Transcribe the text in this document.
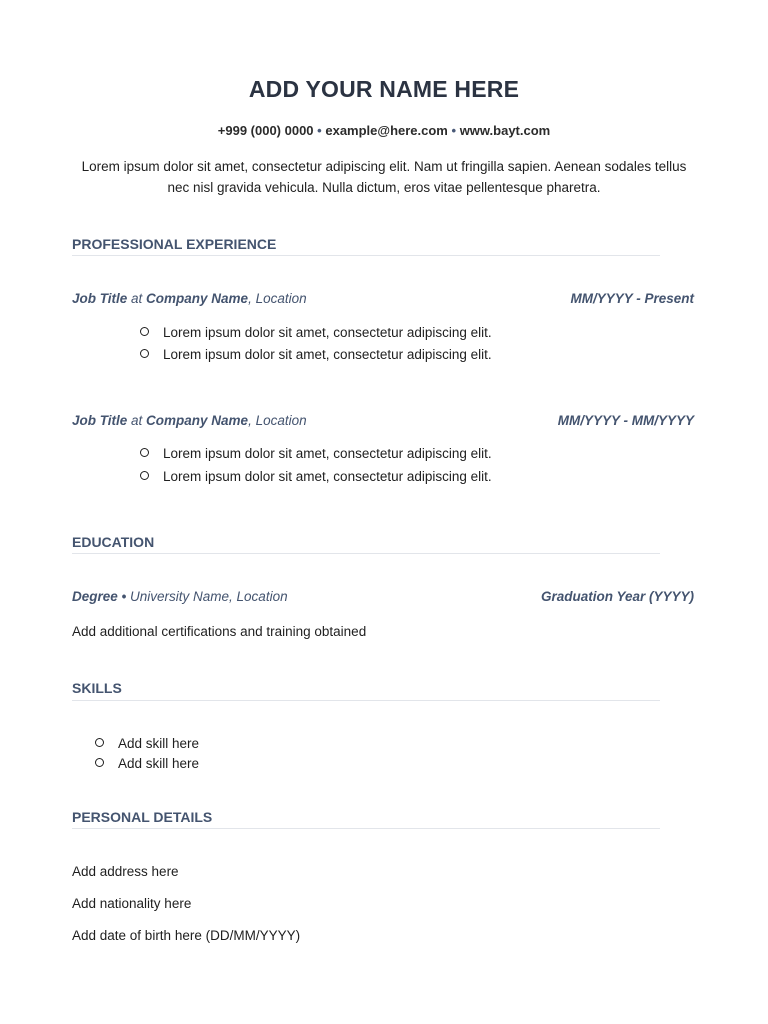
ADD YOUR NAME HERE
+999 (000) 0000 • example@here.com • www.bayt.com
Lorem ipsum dolor sit amet, consectetur adipiscing elit. Nam ut fringilla sapien. Aenean sodales tellus nec nisl gravida vehicula. Nulla dictum, eros vitae pellentesque pharetra.
PROFESSIONAL EXPERIENCE
Job Title at Company Name, Location	MM/YYYY - Present
Lorem ipsum dolor sit amet, consectetur adipiscing elit.
Lorem ipsum dolor sit amet, consectetur adipiscing elit.
Job Title at Company Name, Location	MM/YYYY - MM/YYYY
Lorem ipsum dolor sit amet, consectetur adipiscing elit.
Lorem ipsum dolor sit amet, consectetur adipiscing elit.
EDUCATION
Degree • University Name, Location	Graduation Year (YYYY)
Add additional certifications and training obtained
SKILLS
Add skill here
Add skill here
PERSONAL DETAILS
Add address here
Add nationality here
Add date of birth here (DD/MM/YYYY)
